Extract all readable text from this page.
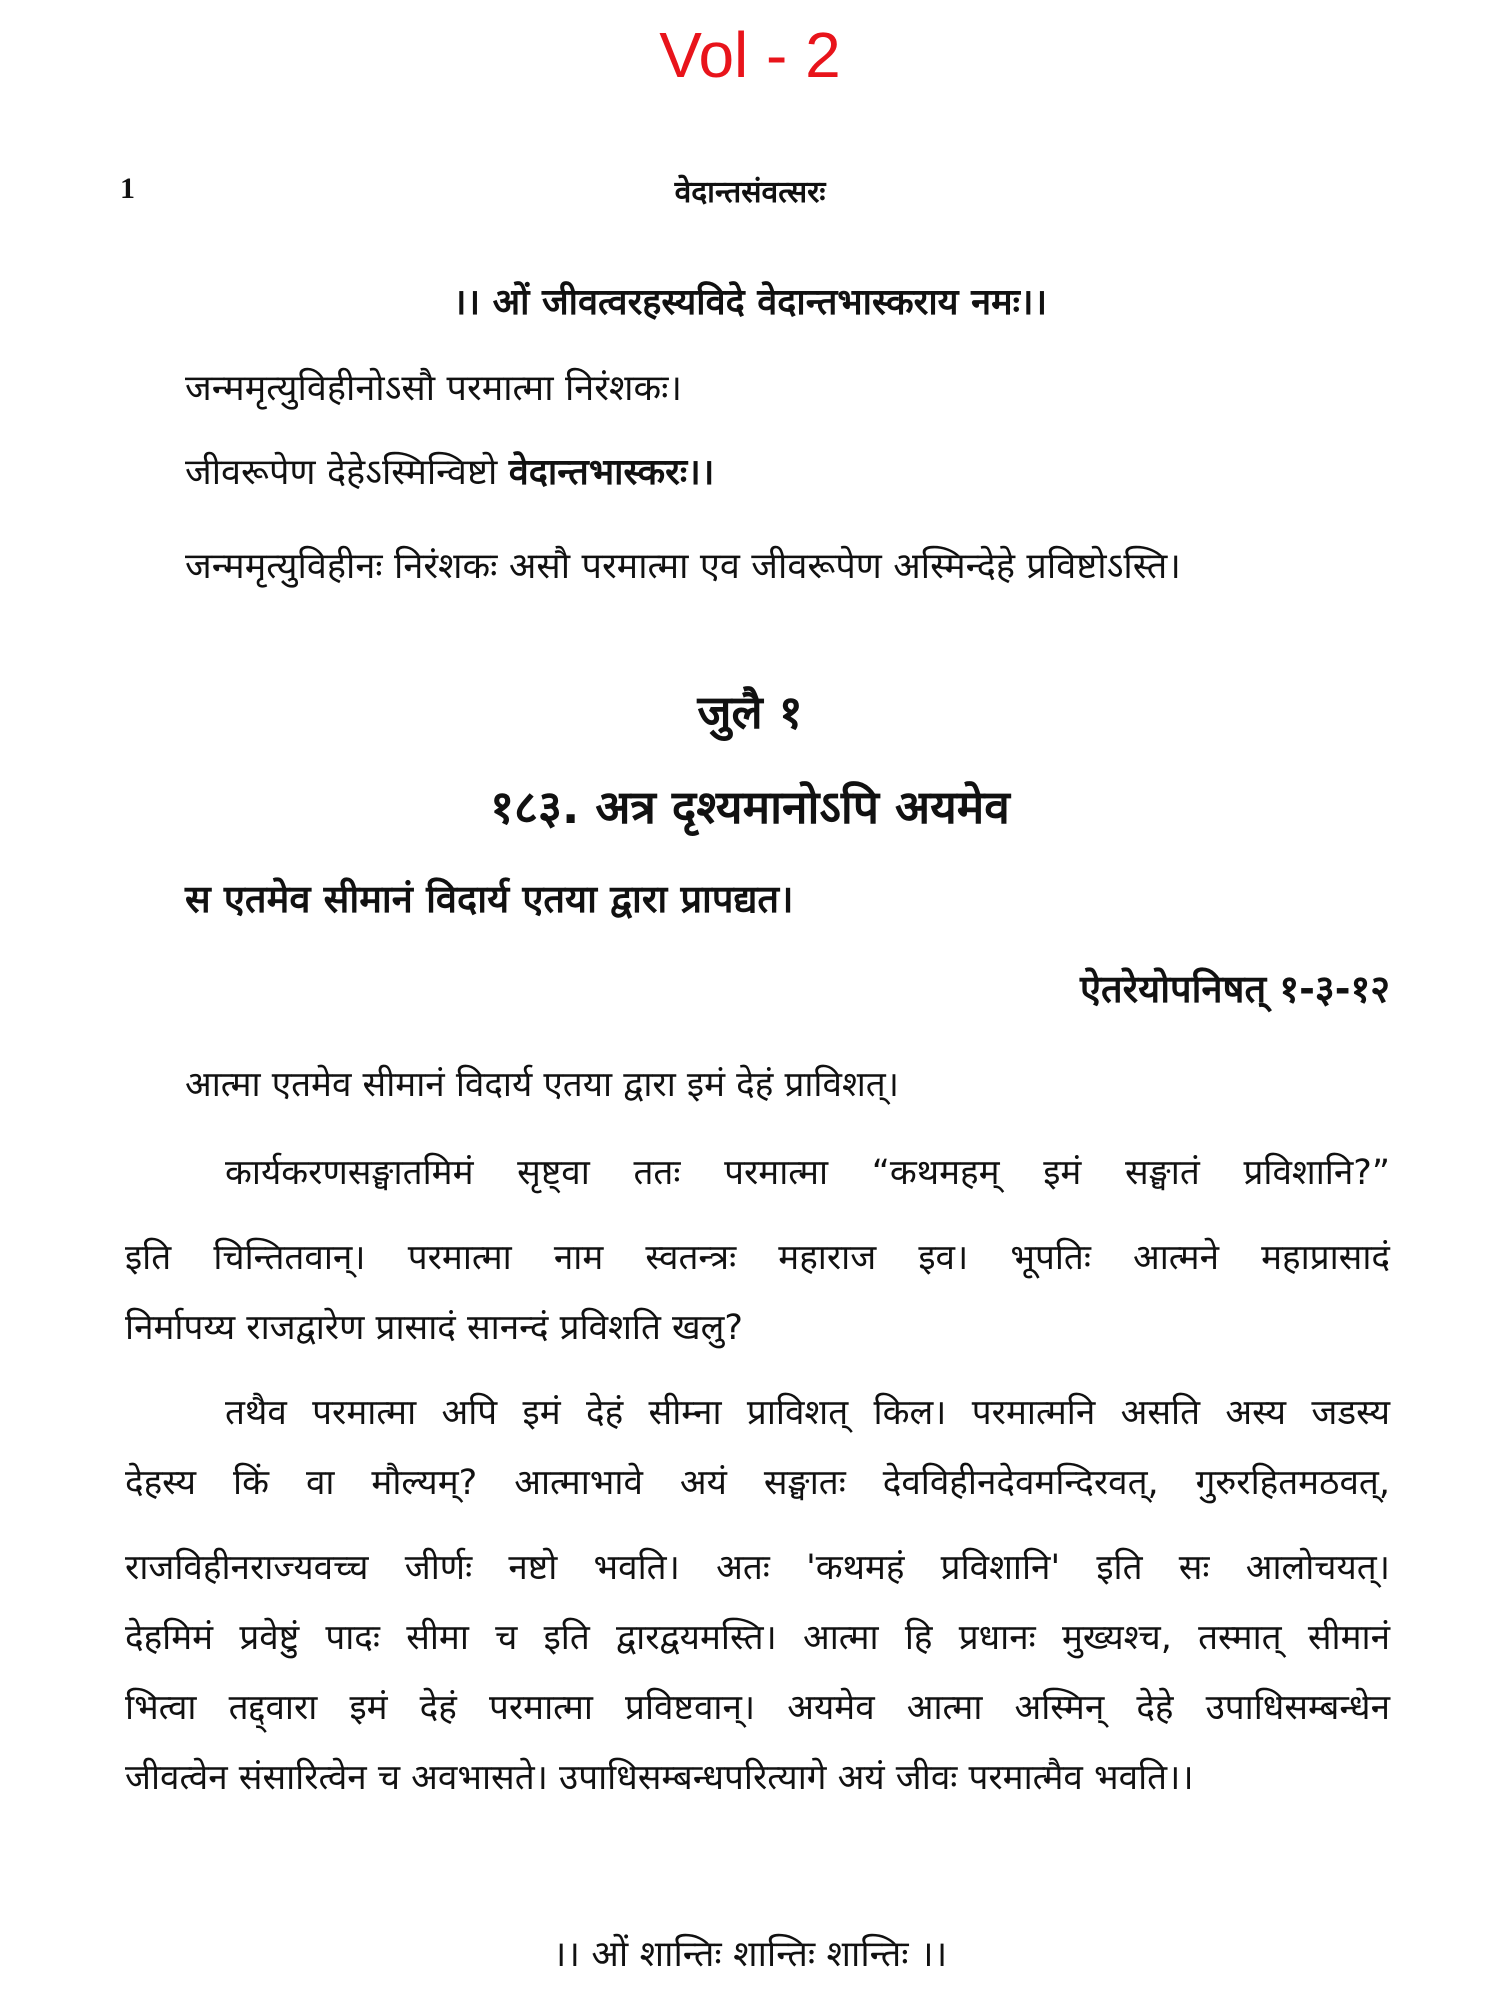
Vol - 2
1	वेदान्तसंवत्सरः
।। ओं जीवत्वरहस्यविदे वेदान्तभास्कराय नमः।।
जन्ममृत्युविहीनोऽसौ परमात्मा निरंशकः।
जीवरूपेण देहेऽस्मिन्विष्टो वेदान्तभास्करः।।
जन्ममृत्युविहीनः निरंशकः असौ परमात्मा एव जीवरूपेण अस्मिन्देहे प्रविष्टोऽस्ति।
जुलै १
१८३. अत्र दृश्यमानोऽपि अयमेव
स एतमेव सीमानं विदार्य एतया द्वारा प्रापद्यत।
ऐतरेयोपनिषत् १-३-१२
आत्मा एतमेव सीमानं विदार्य एतया द्वारा इमं देहं प्राविशत्।
कार्यकरणसङ्घातमिमं सृष्ट्वा ततः परमात्मा “कथमहम् इमं सङ्घातं प्रविशानि?”
इति चिन्तितवान्। परमात्मा नाम स्वतन्त्रः महाराज इव। भूपतिः आत्मने महाप्रासादं
निर्मापय्य राजद्वारेण प्रासादं सानन्दं प्रविशति खलु?
तथैव परमात्मा अपि इमं देहं सीम्ना प्राविशत् किल। परमात्मनि असति अस्य जडस्य
देहस्य किं वा मौल्यम्? आत्माभावे अयं सङ्घातः देवविहीनदेवमन्दिरवत्, गुरुरहितमठवत्,
राजविहीनराज्यवच्च जीर्णः नष्टो भवति। अतः 'कथमहं प्रविशानि' इति सः आलोचयत्।
देहमिमं प्रवेष्टुं पादः सीमा च इति द्वारद्वयमस्ति। आत्मा हि प्रधानः मुख्यश्च, तस्मात् सीमानं
भित्वा तद्द्वारा इमं देहं परमात्मा प्रविष्टवान्। अयमेव आत्मा अस्मिन् देहे उपाधिसम्बन्धेन
जीवत्वेन संसारित्वेन च अवभासते। उपाधिसम्बन्धपरित्यागे अयं जीवः परमात्मैव भवति।।
।। ओं शान्तिः शान्तिः शान्तिः ।।
